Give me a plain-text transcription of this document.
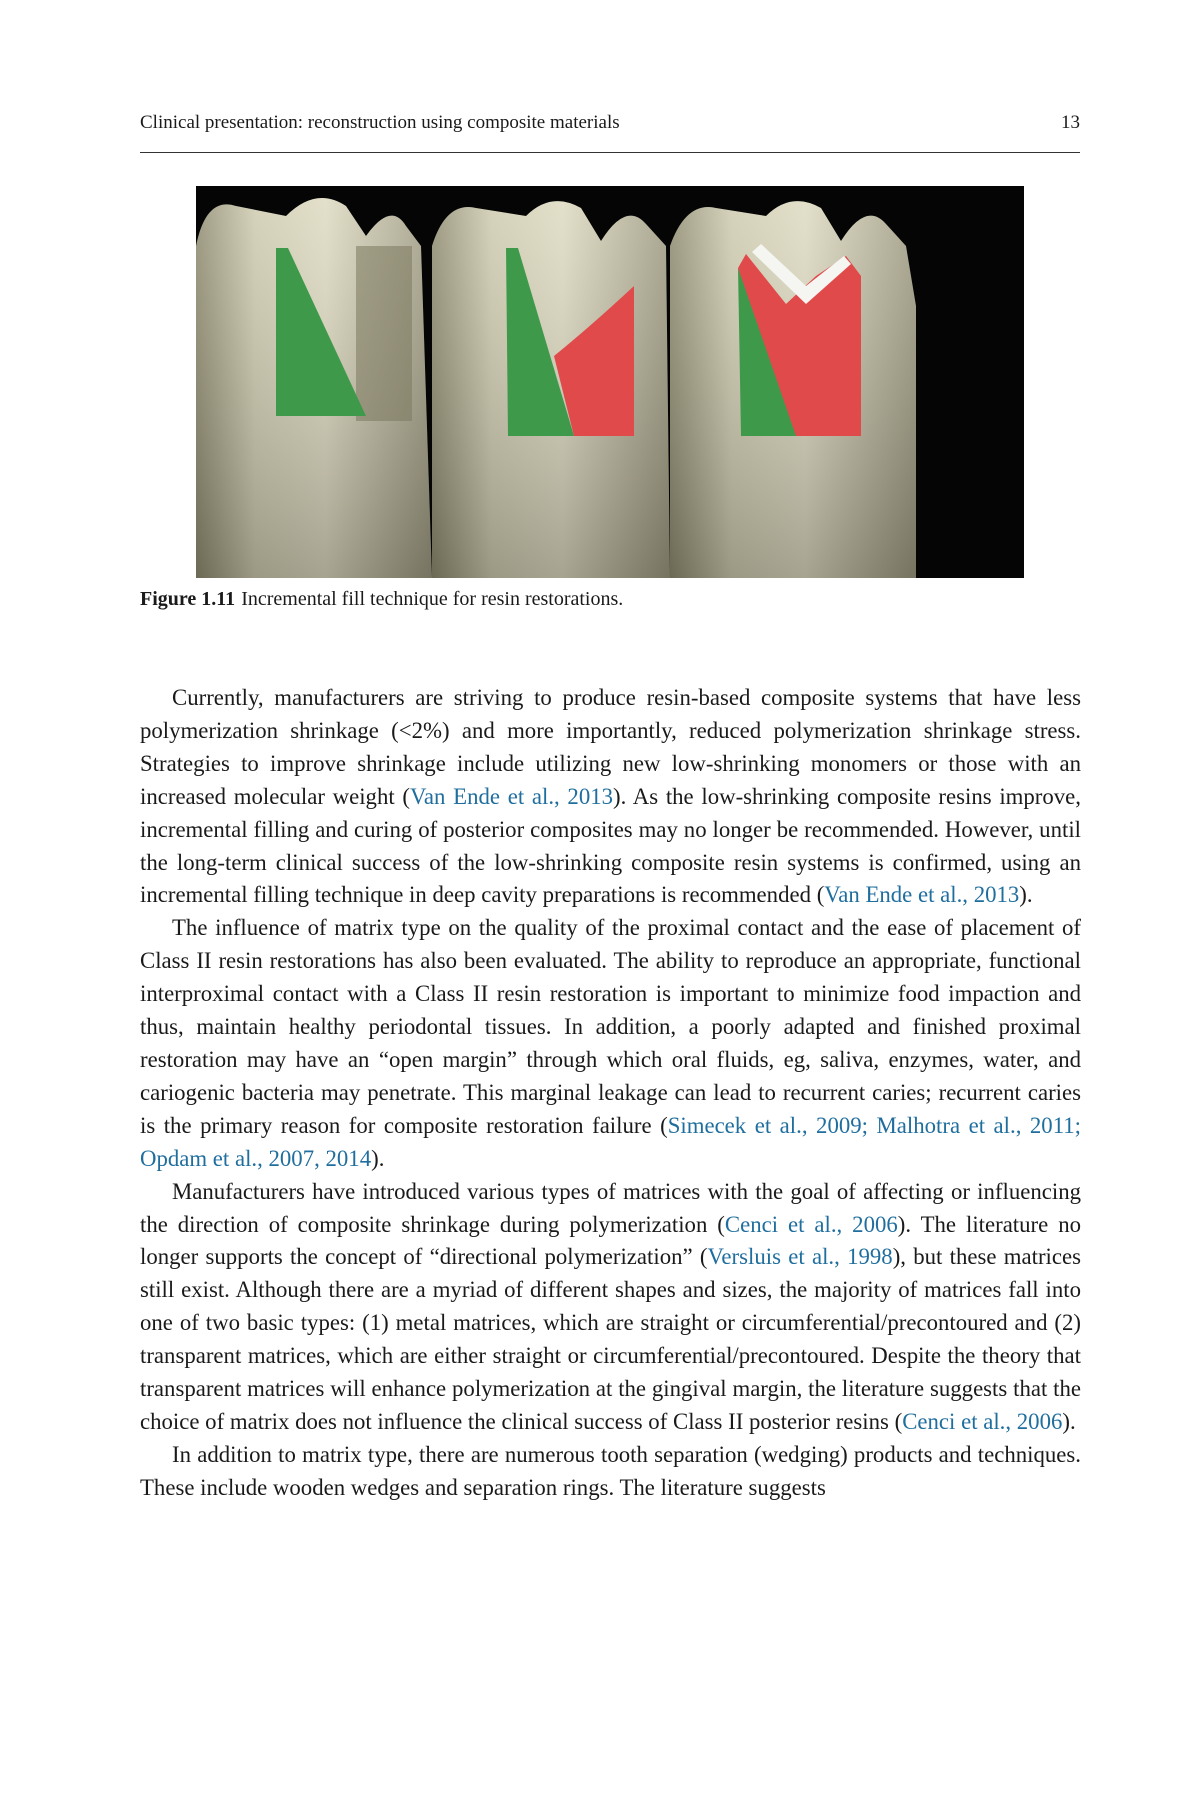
Clinical presentation: reconstruction using composite materials	13
Figure 1.11 Incremental fill technique for resin restorations.

Currently, manufacturers are striving to produce resin-based composite systems that have less polymerization shrinkage (<2%) and more importantly, reduced polymerization shrinkage stress. Strategies to improve shrinkage include utilizing new low-shrinking monomers or those with an increased molecular weight (Van Ende et al., 2013). As the low-shrinking composite resins improve, incremental filling and curing of posterior composites may no longer be recommended. However, until the long-term clinical success of the low-shrinking composite resin systems is confirmed, using an incremental filling technique in deep cavity preparations is recommended (Van Ende et al., 2013).

The influence of matrix type on the quality of the proximal contact and the ease of placement of Class II resin restorations has also been evaluated. The ability to reproduce an appropriate, functional interproximal contact with a Class II resin restoration is important to minimize food impaction and thus, maintain healthy periodontal tissues. In addition, a poorly adapted and finished proximal restoration may have an “open margin” through which oral fluids, eg, saliva, enzymes, water, and cariogenic bacteria may penetrate. This marginal leakage can lead to recurrent caries; recurrent caries is the primary reason for composite restoration failure (Simecek et al., 2009; Malhotra et al., 2011; Opdam et al., 2007, 2014).

Manufacturers have introduced various types of matrices with the goal of affecting or influencing the direction of composite shrinkage during polymerization (Cenci et al., 2006). The literature no longer supports the concept of “directional polymerization” (Versluis et al., 1998), but these matrices still exist. Although there are a myriad of different shapes and sizes, the majority of matrices fall into one of two basic types: (1) metal matrices, which are straight or circumferential/precontoured and (2) transparent matrices, which are either straight or circumferential/precontoured. Despite the theory that transparent matrices will enhance polymerization at the gingival margin, the literature suggests that the choice of matrix does not influence the clinical success of Class II posterior resins (Cenci et al., 2006).

In addition to matrix type, there are numerous tooth separation (wedging) products and techniques. These include wooden wedges and separation rings. The literature suggests
